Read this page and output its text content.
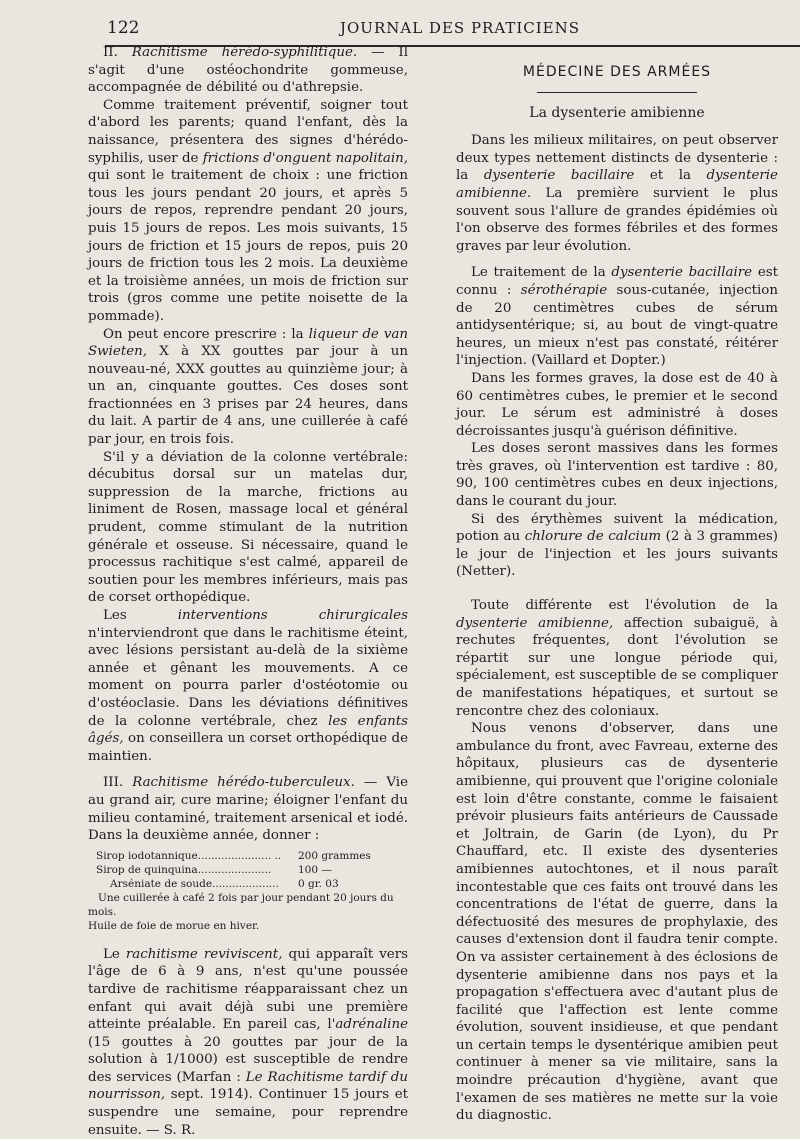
122	JOURNAL DES PRATICIENS

II. Rachitisme hérédo-syphilitique. — Il s'agit d'une ostéochondrite gommeuse, accompagnée de débilité ou d'athrepsie.

Comme traitement préventif, soigner tout d'abord les parents; quand l'enfant, dès la naissance, présentera des signes d'hérédo-syphilis, user de frictions d'onguent napolitain, qui sont le traitement de choix : une friction tous les jours pendant 20 jours, et après 5 jours de repos, reprendre pendant 20 jours, puis 15 jours de repos. Les mois suivants, 15 jours de friction et 15 jours de repos, puis 20 jours de friction tous les 2 mois. La deuxième et la troisième années, un mois de friction sur trois (gros comme une petite noisette de la pommade).

On peut encore prescrire : la liqueur de van Swieten, X à XX gouttes par jour à un nouveau-né, XXX gouttes au quinzième jour; à un an, cinquante gouttes. Ces doses sont fractionnées en 3 prises par 24 heures, dans du lait. A partir de 4 ans, une cuillerée à café par jour, en trois fois.

S'il y a déviation de la colonne vertébrale: décubitus dorsal sur un matelas dur, suppression de la marche, frictions au liniment de Rosen, massage local et général prudent, comme stimulant de la nutrition générale et osseuse. Si nécessaire, quand le processus rachitique s'est calmé, appareil de soutien pour les membres inférieurs, mais pas de corset orthopédique.

Les interventions chirurgicales n'interviendront que dans le rachitisme éteint, avec lésions persistant au-delà de la sixième année et gênant les mouvements. A ce moment on pourra parler d'ostéotomie ou d'ostéoclasie. Dans les déviations définitives de la colonne vertébrale, chez les enfants âgés, on conseillera un corset orthopédique de maintien.

III. Rachitisme hérédo-tuberculeux. — Vie au grand air, cure marine; éloigner l'enfant du milieu contaminé, traitement arsenical et iodé. Dans la deuxième année, donner :

Sirop iodotannique ...................... ..	200 grammes
Sirop de quinquina ......................	100 —
Arséniate de soude ....................	0 gr. 03

Une cuillerée à café 2 fois par jour pendant 20 jours du mois.

Huile de foie de morue en hiver.

Le rachitisme reviviscent, qui apparaît vers l'âge de 6 à 9 ans, n'est qu'une poussée tardive de rachitisme réapparaissant chez un enfant qui avait déjà subi une première atteinte préalable. En pareil cas, l'adrénaline (15 gouttes à 20 gouttes par jour de la solution à 1/1000) est susceptible de rendre des services (Marfan : Le Rachitisme tardif du nourrisson, sept. 1914). Continuer 15 jours et suspendre une semaine, pour reprendre ensuite. — S. R.

MÉDECINE DES ARMÉES
La dysenterie amibienne

Dans les milieux militaires, on peut observer deux types nettement distincts de dysenterie : la dysenterie bacillaire et la dysenterie amibienne. La première survient le plus souvent sous l'allure de grandes épidémies où l'on observe des formes fébriles et des formes graves par leur évolution.

Le traitement de la dysenterie bacillaire est connu : sérothérapie sous-cutanée, injection de 20 centimètres cubes de sérum antidysentérique; si, au bout de vingt-quatre heures, un mieux n'est pas constaté, réitérer l'injection. (Vaillard et Dopter.)

Dans les formes graves, la dose est de 40 à 60 centimètres cubes, le premier et le second jour. Le sérum est administré à doses décroissantes jusqu'à guérison définitive.

Les doses seront massives dans les formes très graves, où l'intervention est tardive : 80, 90, 100 centimètres cubes en deux injections, dans le courant du jour.

Si des érythèmes suivent la médication, potion au chlorure de calcium (2 à 3 grammes) le jour de l'injection et les jours suivants (Netter).

Toute différente est l'évolution de la dysenterie amibienne, affection subaiguë, à rechutes fréquentes, dont l'évolution se répartit sur une longue période qui, spécialement, est susceptible de se compliquer de manifestations hépatiques, et surtout se rencontre chez des coloniaux.

Nous venons d'observer, dans une ambulance du front, avec Favreau, externe des hôpitaux, plusieurs cas de dysenterie amibienne, qui prouvent que l'origine coloniale est loin d'être constante, comme le faisaient prévoir plusieurs faits antérieurs de Caussade et Joltrain, de Garin (de Lyon), du Pr Chauffard, etc. Il existe des dysenteries amibiennes autochtones, et il nous paraît incontestable que ces faits ont trouvé dans les concentrations de l'état de guerre, dans la défectuosité des mesures de prophylaxie, des causes d'extension dont il faudra tenir compte. On va assister certainement à des éclosions de dysenterie amibienne dans nos pays et la propagation s'effectuera avec d'autant plus de facilité que l'affection est lente comme évolution, souvent insidieuse, et que pendant un certain temps le dysentérique amibien peut continuer à mener sa vie militaire, sans la moindre précaution d'hygiène, avant que l'examen de ses matières ne mette sur la voie du diagnostic.
